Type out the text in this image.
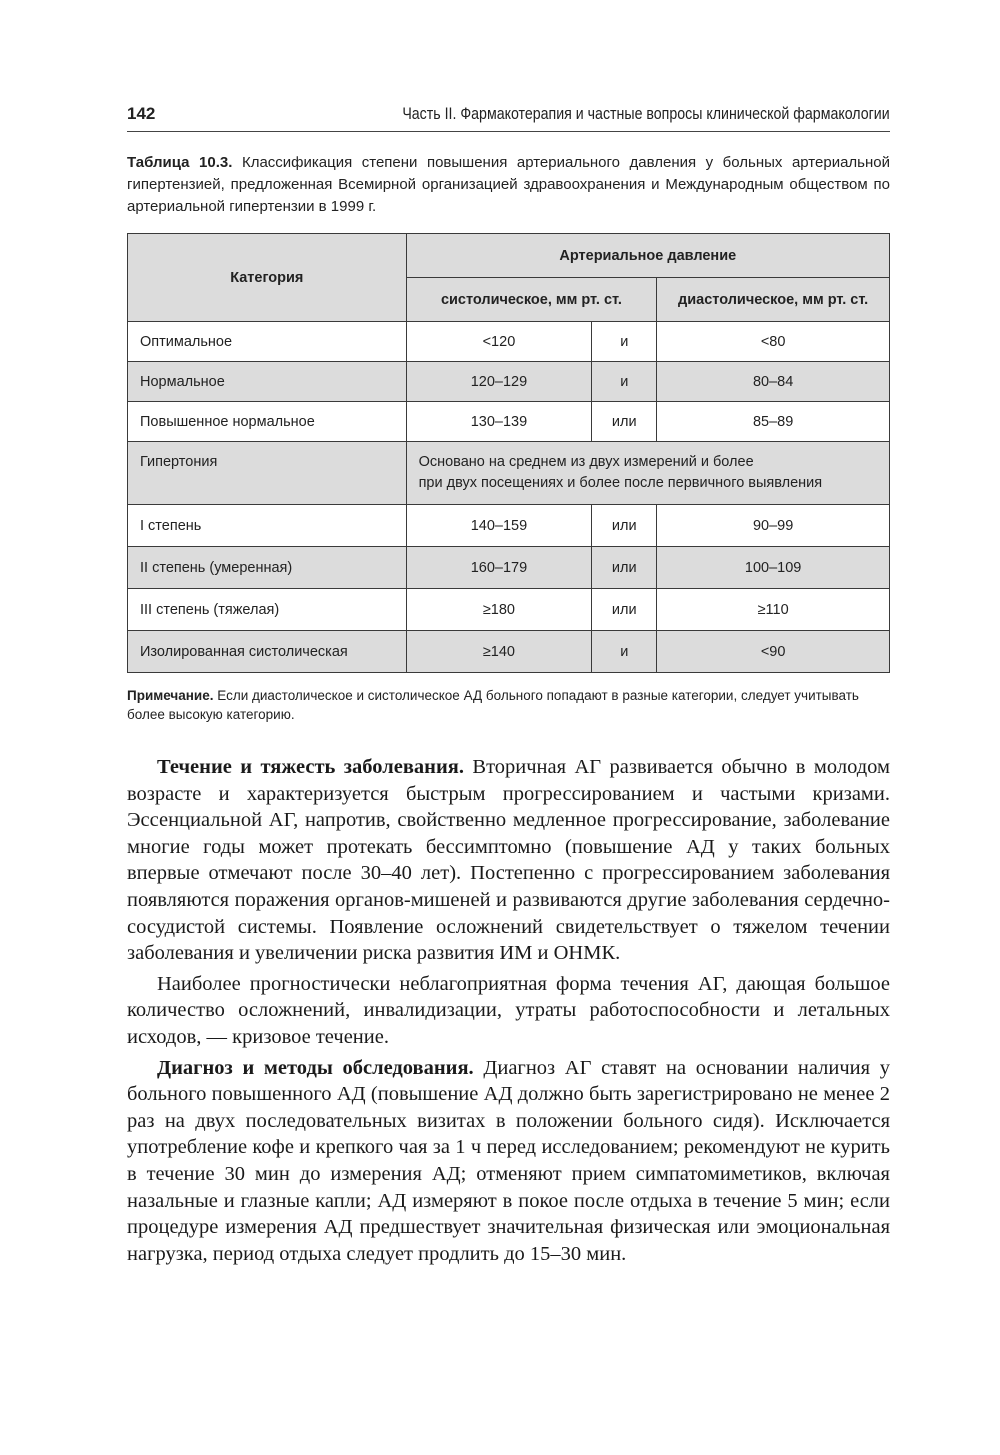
142	Часть II. Фармакотерапия и частные вопросы клинической фармакологии
Таблица 10.3. Классификация степени повышения артериального давления у больных артериальной гипертензией, предложенная Всемирной организацией здравоохранения и Международным обществом по артериальной гипертензии в 1999 г.
Категория	Артериальное давление		
	систолическое, мм рт. ст.		диастолическое, мм рт. ст.
Оптимальное	<120	и	<80
Нормальное	120–129	и	80–84
Повышенное нормальное	130–139	или	85–89
Гипертония	Основано на среднем из двух измерений и более
при двух посещениях и более после первичного выявления		

I степень	140–159	или	90–99
II степень (умеренная)	160–179	или	100–109
III степень (тяжелая)	≥180	или	≥110
Изолированная систолическая	≥140	и	<90
Примечание. Если диастолическое и систолическое АД больного попадают в разные категории, следует учитывать более высокую категорию.

Течение и тяжесть заболевания. Вторичная АГ развивается обычно в молодом возрасте и характеризуется быстрым прогрессированием и частыми кризами. Эссенциальной АГ, напротив, свойственно медленное прогрессирование, заболевание многие годы может протекать бессимптомно (повышение АД у таких больных впервые отмечают после 30–40 лет). Постепенно с прогрессированием заболевания появляются поражения органов-мишеней и развиваются другие заболевания сердечно-сосудистой системы. Появление осложнений свидетельствует о тяжелом течении заболевания и увеличении риска развития ИМ и ОНМК.

Наиболее прогностически неблагоприятная форма течения АГ, дающая большое количество осложнений, инвалидизации, утраты работоспособности и летальных исходов, — кризовое течение.

Диагноз и методы обследования. Диагноз АГ ставят на основании наличия у больного повышенного АД (повышение АД должно быть зарегистрировано не менее 2 раз на двух последовательных визитах в положении больного сидя). Исключается употребление кофе и крепкого чая за 1 ч перед исследованием; рекомендуют не курить в течение 30 мин до измерения АД; отменяют прием симпатомиметиков, включая назальные и глазные капли; АД измеряют в покое после отдыха в течение 5 мин; если процедуре измерения АД предшествует значительная физическая или эмоциональная нагрузка, период отдыха следует продлить до 15–30 мин.
